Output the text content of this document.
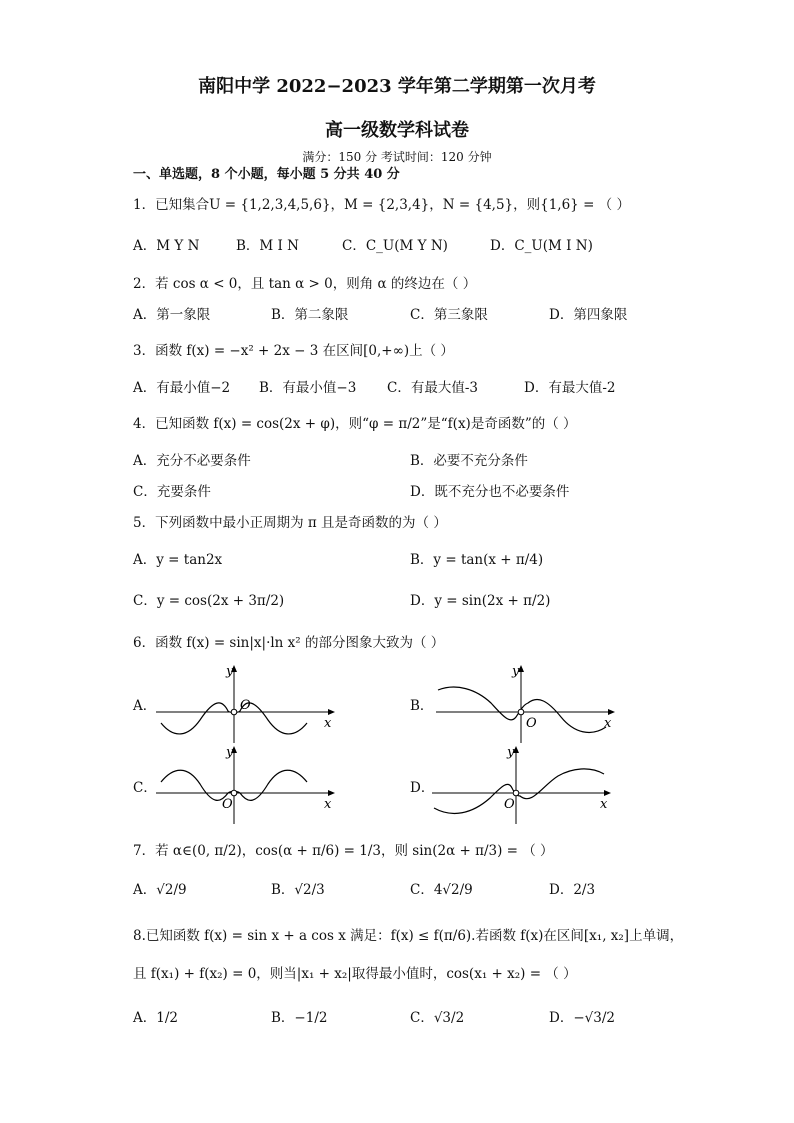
南阳中学 2022−2023 学年第二学期第一次月考
高一级数学科试卷
满分：150 分 考试时间：120 分钟
一、单选题，8 个小题，每小题 5 分共 40 分
1．已知集合U = {1,2,3,4,5,6}，M = {2,3,4}，N = {4,5}，则{1,6} = （ ）
A．M Y N	B．M I N	C．C_U(M Y N)	D．C_U(M I N)
2．若 cos α < 0，且 tan α > 0，则角 α 的终边在（ ）
A．第一象限	B．第二象限	C．第三象限	D．第四象限
3．函数 f(x) = −x² + 2x − 3 在区间[0,+∞)上（ ）
A．有最小值−2 B．有最小值−3 C．有最大值-3	D．有最大值-2
4．已知函数 f(x) = cos(2x + φ)，则“φ = π/2”是“f(x)是奇函数”的（ ）
A．充分不必要条件	B．必要不充分条件
C．充要条件	D．既不充分也不必要条件
5．下列函数中最小正周期为 π 且是奇函数的为（ ）
A．y = tan2x	B．y = tan(x + π/4)
C．y = cos(2x + 3π/2)	D．y = sin(2x + π/2)
6．函数 f(x) = sin|x|·ln x² 的部分图象大致为（ ）
A．	O
y
x
B．
O
y
x
C．
O
y
x
D．
O
y
x
7．若 α∈(0, π/2)，cos(α + π/6) = 1/3，则 sin(2α + π/3) = （ ）
A．√2/9	B．√2/3	C．4√2/9	D．2/3
8.已知函数 f(x) = sin x + a cos x 满足：f(x) ≤ f(π/6).若函数 f(x)在区间[x₁, x₂]上单调，
且 f(x₁) + f(x₂) = 0，则当|x₁ + x₂|取得最小值时，cos(x₁ + x₂) = （ ）
A．1/2	B．−1/2	C．√3/2	D．−√3/2
